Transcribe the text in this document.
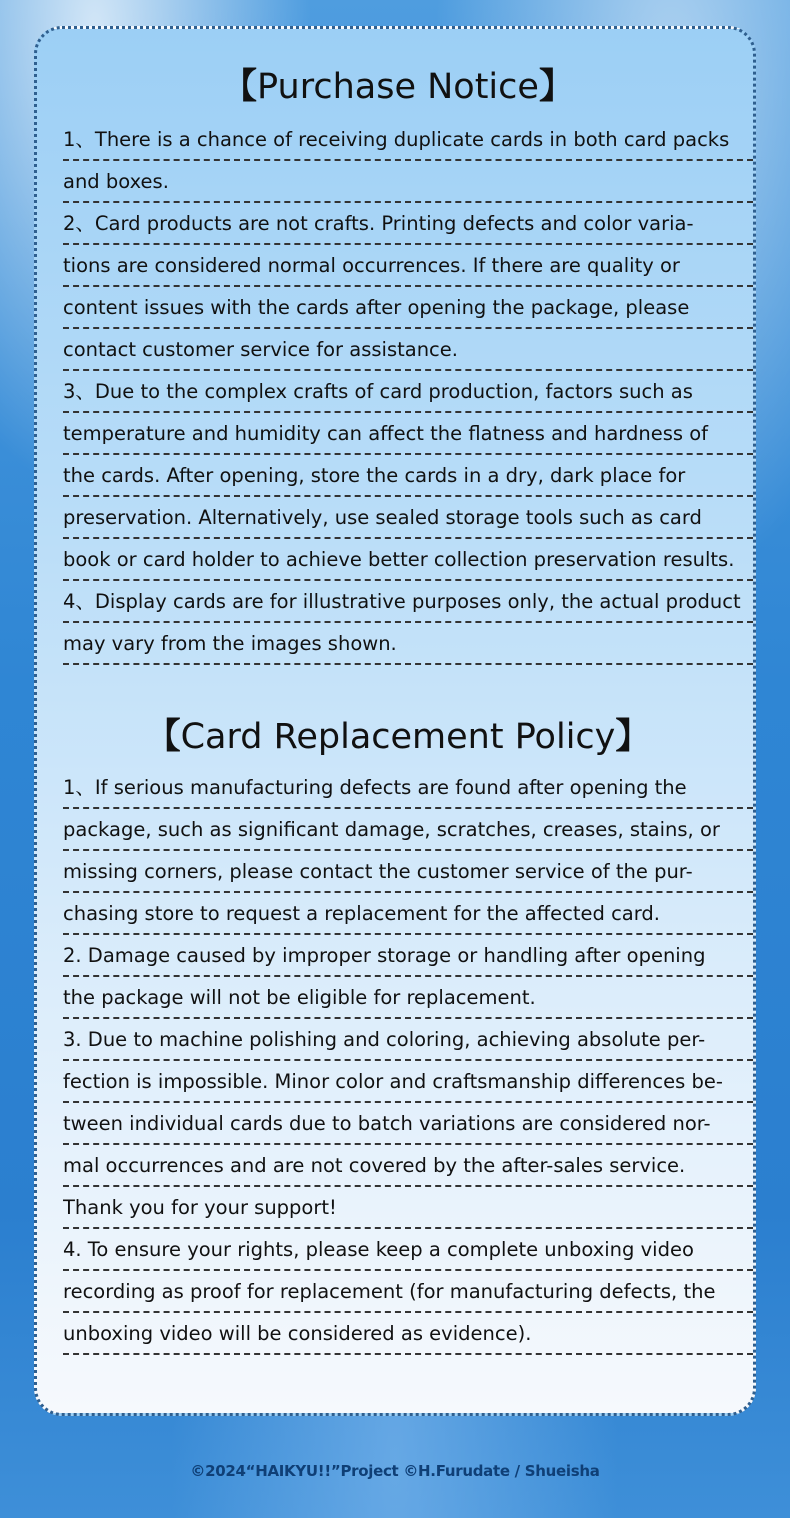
【Purchase Notice】
1、There is a chance of receiving duplicate cards in both card packs
and boxes.
2、Card products are not crafts. Printing defects and color varia-
tions are considered normal occurrences. If there are quality or
content issues with the cards after opening the package, please
contact customer service for assistance.
3、Due to the complex crafts of card production, factors such as
temperature and humidity can affect the flatness and hardness of
the cards. After opening, store the cards in a dry, dark place for
preservation. Alternatively, use sealed storage tools such as card
book or card holder to achieve better collection preservation results.
4、Display cards are for illustrative purposes only, the actual product
may vary from the images shown.
【Card Replacement Policy】
1、If serious manufacturing defects are found after opening the
package, such as significant damage, scratches, creases, stains, or
missing corners, please contact the customer service of the pur-
chasing store to request a replacement for the affected card.
2. Damage caused by improper storage or handling after opening
the package will not be eligible for replacement.
3. Due to machine polishing and coloring, achieving absolute per-
fection is impossible. Minor color and craftsmanship differences be-
tween individual cards due to batch variations are considered nor-
mal occurrences and are not covered by the after-sales service.
Thank you for your support!
4. To ensure your rights, please keep a complete unboxing video
recording as proof for replacement (for manufacturing defects, the
unboxing video will be considered as evidence).
©2024“HAIKYU!!”Project ©H.Furudate / Shueisha
